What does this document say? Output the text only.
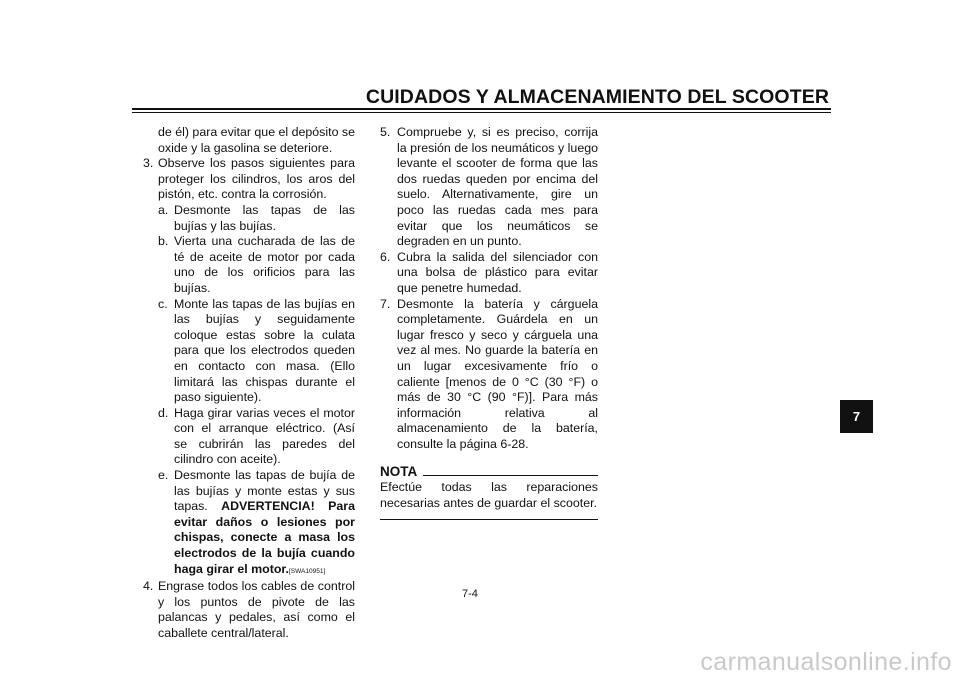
CUIDADOS Y ALMACENAMIENTO DEL SCOOTER
de él) para evitar que el depósito se oxide y la gasolina se deteriore.
3. Observe los pasos siguientes para proteger los cilindros, los aros del pistón, etc. contra la corrosión.
a. Desmonte las tapas de las bujías y las bujías.
b. Vierta una cucharada de las de té de aceite de motor por cada uno de los orificios para las bujías.
c. Monte las tapas de las bujías en las bujías y seguidamente coloque estas sobre la culata para que los electrodos queden en contacto con masa. (Ello limitará las chispas durante el paso siguiente).
d. Haga girar varias veces el motor con el arranque eléctrico. (Así se cubrirán las paredes del cilindro con aceite).
e. Desmonte las tapas de bujía de las bujías y monte estas y sus tapas. ADVERTENCIA! Para evitar daños o lesiones por chispas, conecte a masa los electrodos de la bujía cuando haga girar el motor.[SWA10951]
4. Engrase todos los cables de control y los puntos de pivote de las palancas y pedales, así como el caballete central/lateral.
5. Compruebe y, si es preciso, corrija la presión de los neumáticos y luego levante el scooter de forma que las dos ruedas queden por encima del suelo. Alternativamente, gire un poco las ruedas cada mes para evitar que los neumáticos se degraden en un punto.
6. Cubra la salida del silenciador con una bolsa de plástico para evitar que penetre humedad.
7. Desmonte la batería y cárguela completamente. Guárdela en un lugar fresco y seco y cárguela una vez al mes. No guarde la batería en un lugar excesivamente frío o caliente [menos de 0 °C (30 °F) o más de 30 °C (90 °F)]. Para más información relativa al almacenamiento de la batería, consulte la página 6-28.
NOTA
Efectúe todas las reparaciones necesarias antes de guardar el scooter.
7
7-4
carmanualsonline.info
